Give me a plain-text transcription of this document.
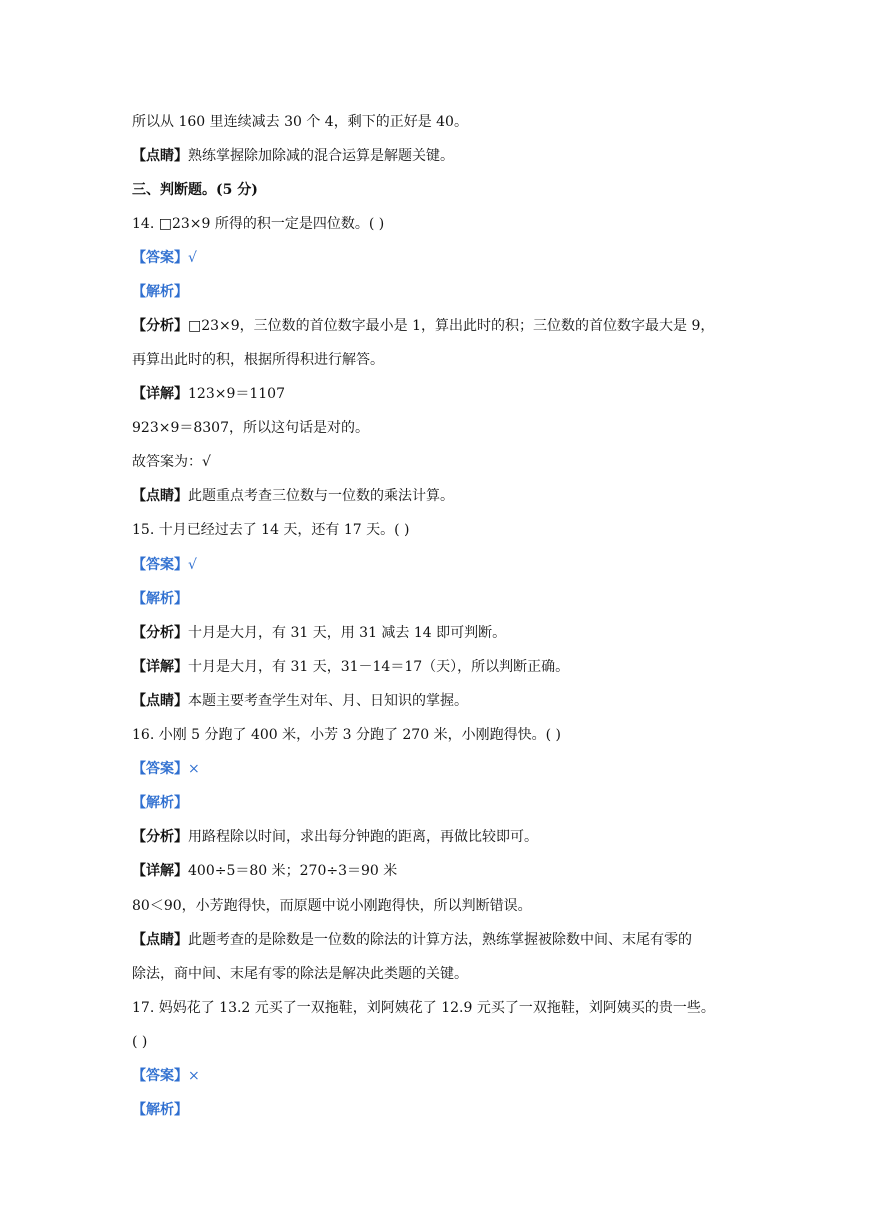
所以从 160 里连续减去 30 个 4，剩下的正好是 40。
【点睛】熟练掌握除加除减的混合运算是解题关键。
三、判断题。(5 分)
14. □23×9 所得的积一定是四位数。( )
【答案】√
【解析】
【分析】□23×9，三位数的首位数字最小是 1，算出此时的积；三位数的首位数字最大是 9，
再算出此时的积，根据所得积进行解答。
【详解】123×9＝1107
923×9＝8307，所以这句话是对的。
故答案为：√
【点睛】此题重点考查三位数与一位数的乘法计算。
15. 十月已经过去了 14 天，还有 17 天。( )
【答案】√
【解析】
【分析】十月是大月，有 31 天，用 31 减去 14 即可判断。
【详解】十月是大月，有 31 天，31－14＝17（天），所以判断正确。
【点睛】本题主要考查学生对年、月、日知识的掌握。
16. 小刚 5 分跑了 400 米，小芳 3 分跑了 270 米，小刚跑得快。( )
【答案】×
【解析】
【分析】用路程除以时间，求出每分钟跑的距离，再做比较即可。
【详解】400÷5＝80 米；270÷3＝90 米
80＜90，小芳跑得快，而原题中说小刚跑得快，所以判断错误。
【点睛】此题考查的是除数是一位数的除法的计算方法，熟练掌握被除数中间、末尾有零的
除法，商中间、末尾有零的除法是解决此类题的关键。
17. 妈妈花了 13.2 元买了一双拖鞋，刘阿姨花了 12.9 元买了一双拖鞋，刘阿姨买的贵一些。
( )
【答案】×
【解析】
